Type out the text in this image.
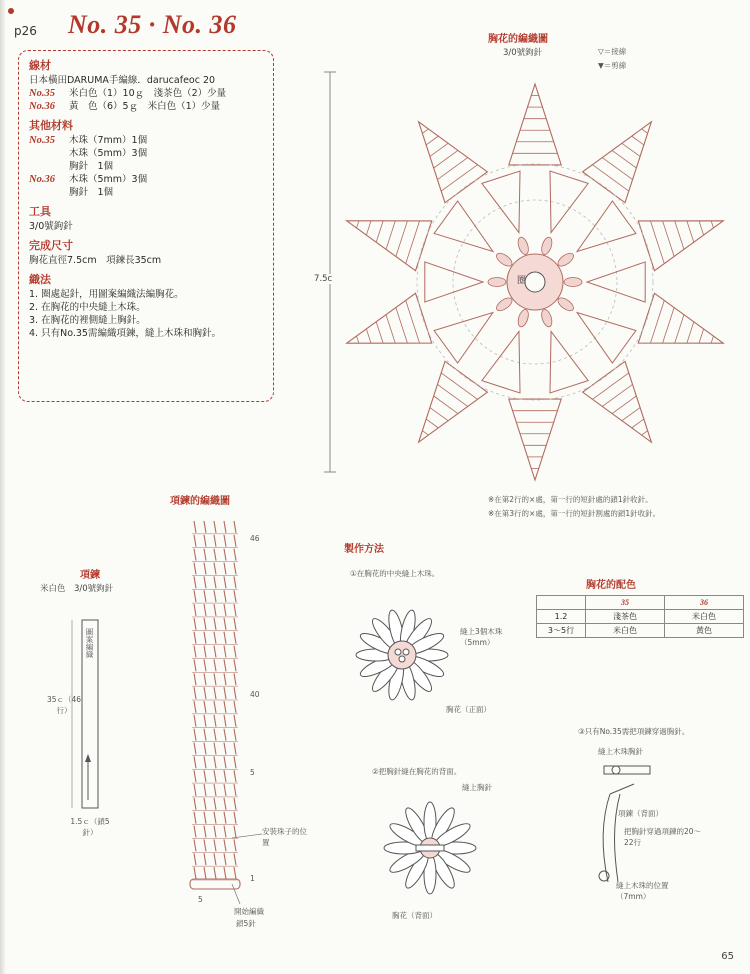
p26 No. 35 · No. 36
線材
日本橫田DARUMA手編線．darucafeoc 20
No.35	米白色（1）10ｇ　淺茶色（2）少量
No.36	黃　色（6）5ｇ　米白色（1）少量
其他材料
No.35	木珠（7mm）1個
木珠（5mm）3個
胸針　1個
No.36	木珠（5mm）3個
胸針　1個
工具
3/0號鉤針
完成尺寸
胸花直徑7.5cm　項鍊長35cm
織法
1. 圈處起針，用圖案編織法編胸花。
2. 在胸花的中央縫上木珠。
3. 在胸花的裡側縫上胸針。
4. 只有No.35需編織項鍊，縫上木珠和胸針。
胸花的編織圖
3/0號鉤針	▽＝接線
▼＝剪線
7.5c	圈
※在第2行的×處，第一行的短針處的鎖1針收針。
※在第3行的×處，第一行的短針割處的鎖1針收針。
項鍊的編織圖
46
40
5
1
5
安裝珠子的位置
開始編織
鎖5針
項鍊
米白色　3/0號鉤針
圖案編織
35ｃ（46行）
1.5ｃ（鎖5針）
製作方法
①在胸花的中央縫上木珠。
縫上3個木珠（5mm）
胸花（正面）
②把胸針縫在胸花的背面。
縫上胸針
胸花（背面）
③只有No.35需把項鍊穿過胸針。
縫上木珠胸針
項鍊（背面）
把胸針穿過項鍊的20～22行
縫上木珠的位置（7mm）
胸花的配色
	35	36
1.2	淺茶色	米白色
3～5行	米白色	黃色
65
